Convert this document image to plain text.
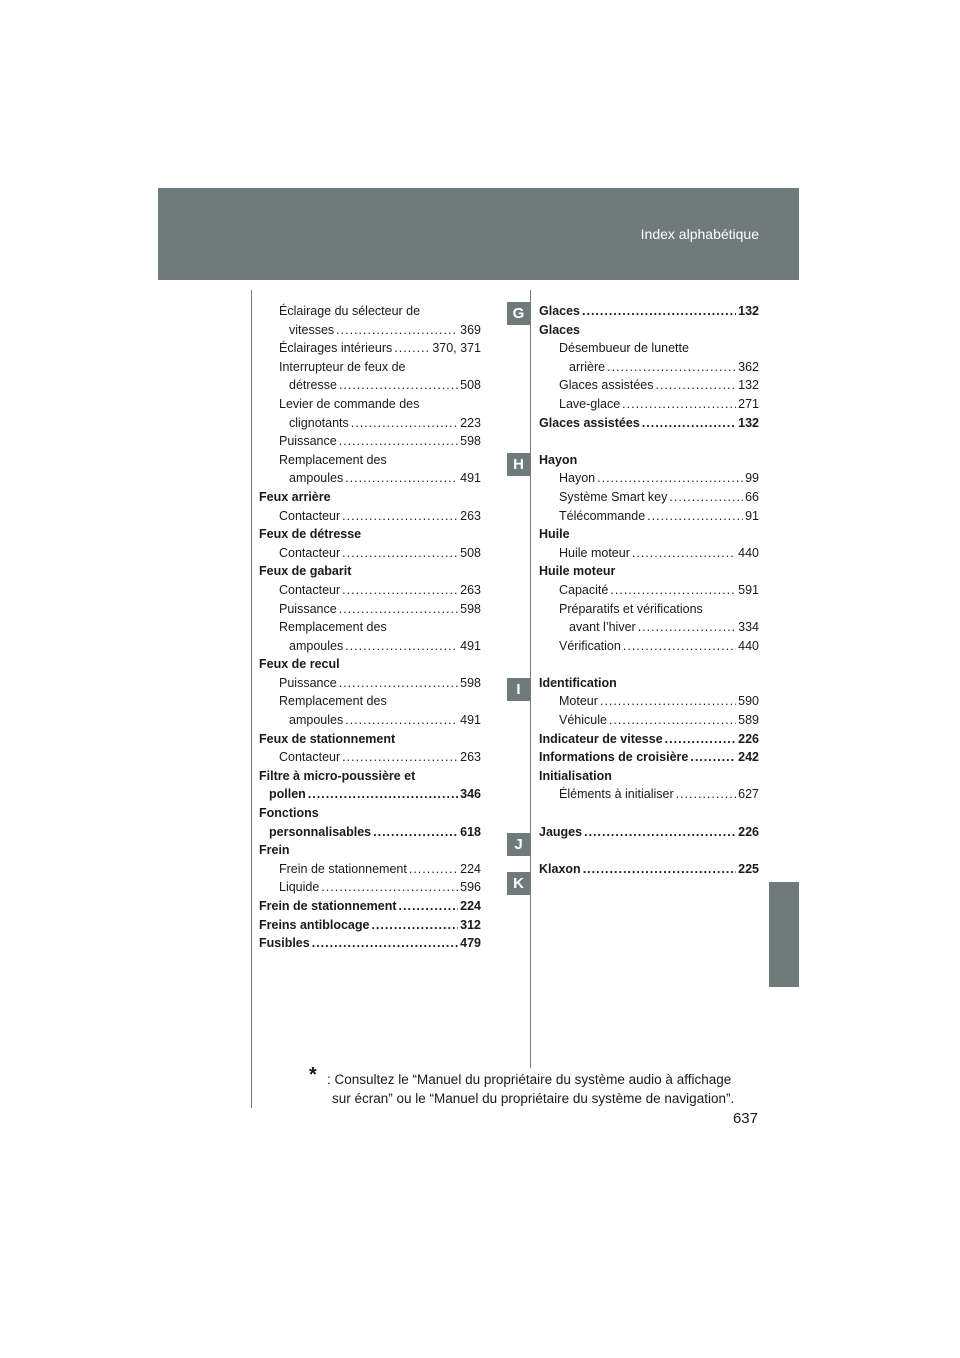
Index alphabétique
Éclairage du sélecteur de
vitesses .....	369
Éclairages intérieurs .....	370, 371
Interrupteur de feux de
détresse .....	508
Levier de commande des
clignotants .....	223
Puissance .....	598
Remplacement des
ampoules .....	491
Feux arrière
Contacteur .....	263
Feux de détresse
Contacteur .....	508
Feux de gabarit
Contacteur .....	263
Puissance .....	598
Remplacement des
ampoules .....	491
Feux de recul
Puissance .....	598
Remplacement des
ampoules .....	491
Feux de stationnement
Contacteur .....	263
Filtre à micro-poussière et
pollen .....	346
Fonctions
personnalisables .....	618
Frein
Frein de stationnement .....	224
Liquide .....	596
Frein de stationnement .....	224
Freins antiblocage .....	312
Fusibles .....	479
Glaces .....	132
Glaces
Désembueur de lunette
arrière .....	362
Glaces assistées .....	132
Lave-glace .....	271
Glaces assistées .....	132
Hayon
Hayon .....	99
Système Smart key .....	66
Télécommande .....	91
Huile
Huile moteur .....	440
Huile moteur
Capacité .....	591
Préparatifs et vérifications
avant l’hiver .....	334
Vérification .....	440
Identification
Moteur .....	590
Véhicule .....	589
Indicateur de vitesse .....	226
Informations de croisière .....	242
Initialisation
Éléments à initialiser .....	627
Jauges .....	226
Klaxon .....	225
G
H
I
J
K
* : Consultez le “Manuel du propriétaire du système audio à affichage
sur écran” ou le “Manuel du propriétaire du système de navigation”.
637
